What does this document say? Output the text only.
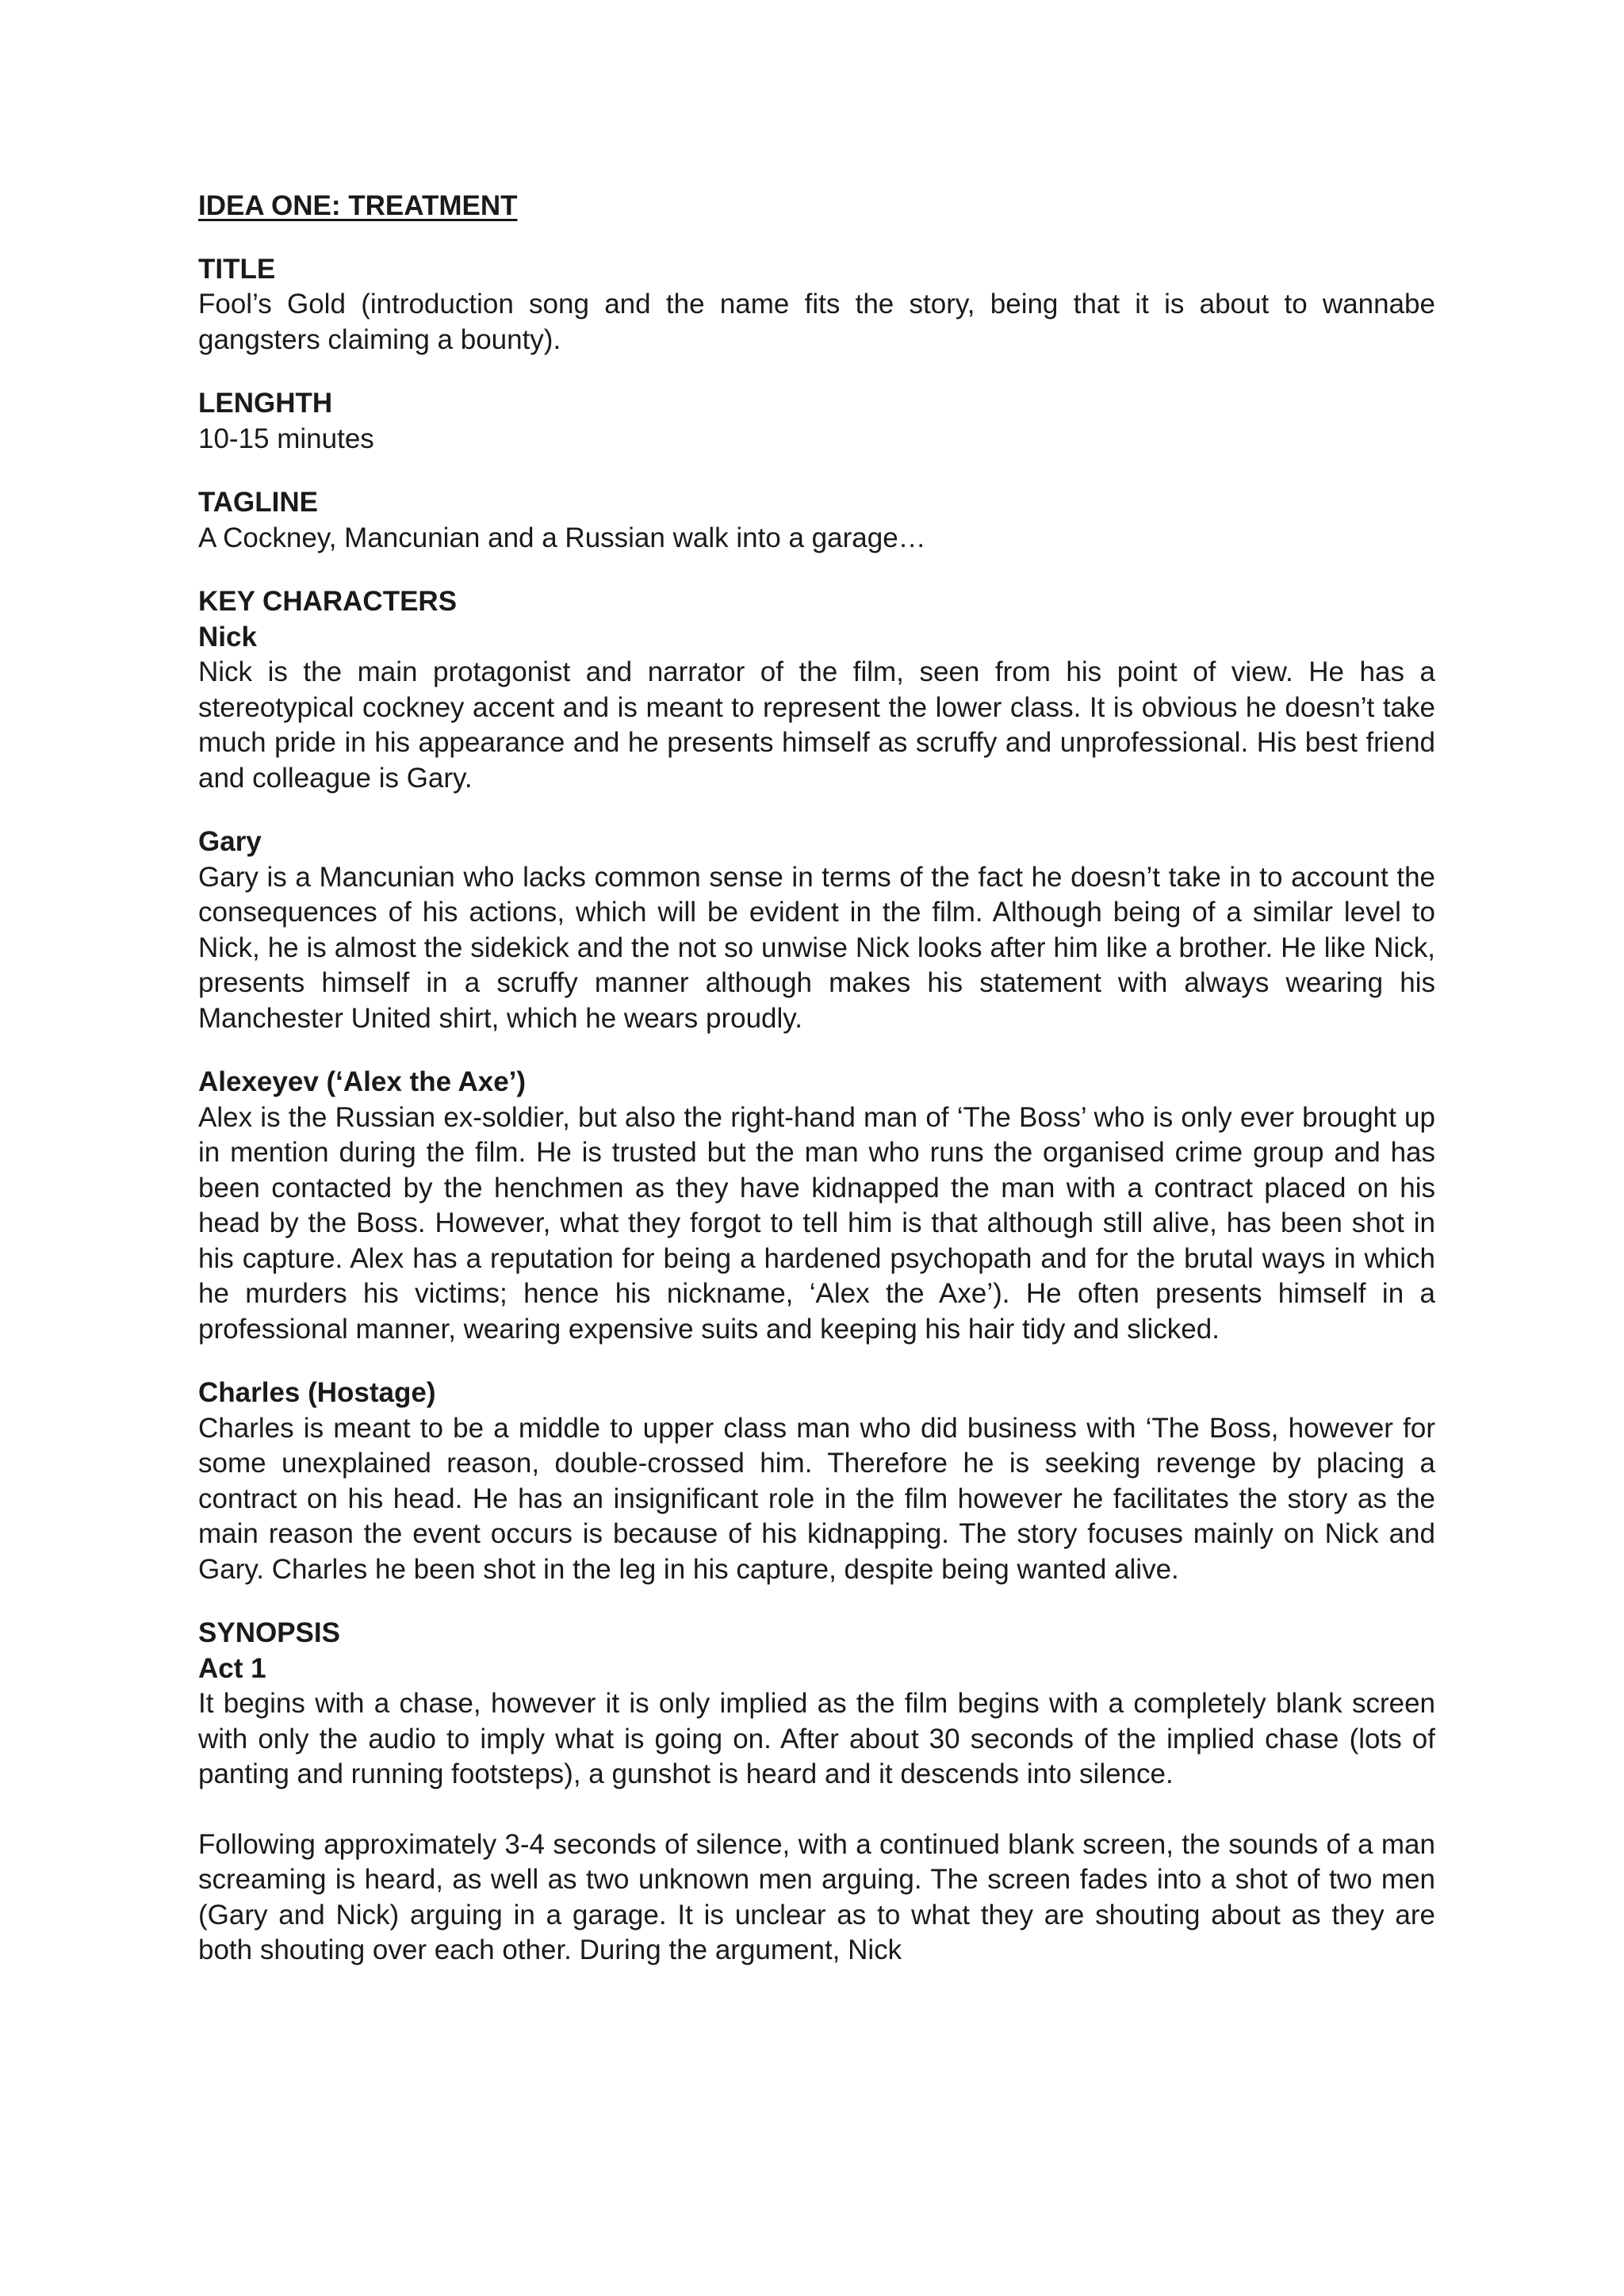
IDEA ONE: TREATMENT
TITLE

Fool’s Gold (introduction song and the name fits the story, being that it is about to wannabe gangsters claiming a bounty).

LENGHTH

10-15 minutes

TAGLINE

A Cockney, Mancunian and a Russian walk into a garage…

KEY CHARACTERS
Nick

Nick is the main protagonist and narrator of the film, seen from his point of view. He has a stereotypical cockney accent and is meant to represent the lower class. It is obvious he doesn’t take much pride in his appearance and he presents himself as scruffy and unprofessional. His best friend and colleague is Gary.

Gary

Gary is a Mancunian who lacks common sense in terms of the fact he doesn’t take in to account the consequences of his actions, which will be evident in the film. Although being of a similar level to Nick, he is almost the sidekick and the not so unwise Nick looks after him like a brother. He like Nick, presents himself in a scruffy manner although makes his statement with always wearing his Manchester United shirt, which he wears proudly.

Alexeyev (‘Alex the Axe’)

Alex is the Russian ex-soldier, but also the right-hand man of ‘The Boss’ who is only ever brought up in mention during the film. He is trusted but the man who runs the organised crime group and has been contacted by the henchmen as they have kidnapped the man with a contract placed on his head by the Boss. However, what they forgot to tell him is that although still alive, has been shot in his capture. Alex has a reputation for being a hardened psychopath and for the brutal ways in which he murders his victims; hence his nickname, ‘Alex the Axe’). He often presents himself in a professional manner, wearing expensive suits and keeping his hair tidy and slicked.

Charles (Hostage)

Charles is meant to be a middle to upper class man who did business with ‘The Boss, however for some unexplained reason, double-crossed him. Therefore he is seeking revenge by placing a contract on his head. He has an insignificant role in the film however he facilitates the story as the main reason the event occurs is because of his kidnapping. The story focuses mainly on Nick and Gary. Charles he been shot in the leg in his capture, despite being wanted alive.

SYNOPSIS
Act 1

It begins with a chase, however it is only implied as the film begins with a completely blank screen with only the audio to imply what is going on. After about 30 seconds of the implied chase (lots of panting and running footsteps), a gunshot is heard and it descends into silence.

Following approximately 3-4 seconds of silence, with a continued blank screen, the sounds of a man screaming is heard, as well as two unknown men arguing. The screen fades into a shot of two men (Gary and Nick) arguing in a garage. It is unclear as to what they are shouting about as they are both shouting over each other. During the argument, Nick
